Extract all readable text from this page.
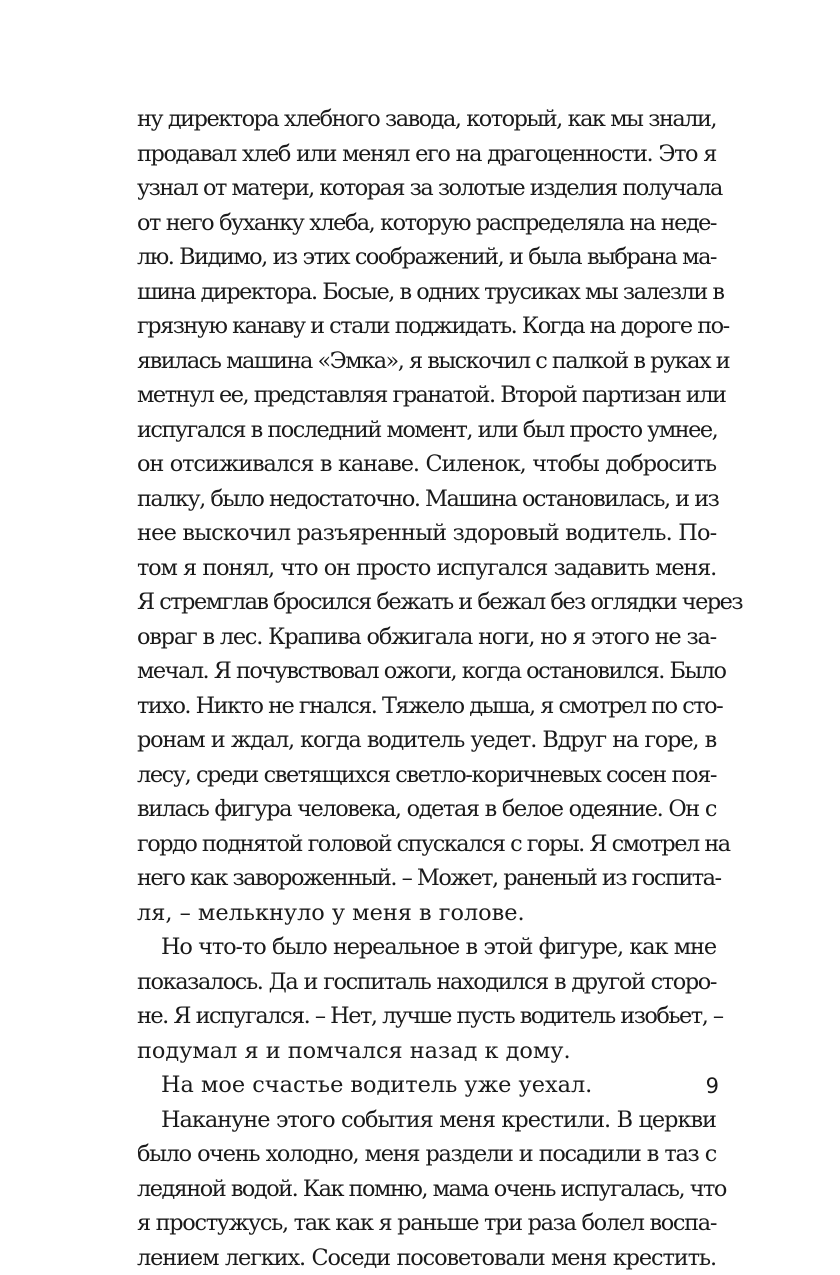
ну директора хлебного завода, который, как мы знали,
продавал хлеб или менял его на драгоценности. Это я
узнал от матери, которая за золотые изделия получала
от него буханку хлеба, которую распределяла на неде-
лю. Видимо, из этих соображений, и была выбрана ма-
шина директора. Босые, в одних трусиках мы залезли в
грязную канаву и стали поджидать. Когда на дороге по-
явилась машина «Эмка», я выскочил с палкой в руках и
метнул ее, представляя гранатой. Второй партизан или
испугался в последний момент, или был просто умнее,
он отсиживался в канаве. Силенок, чтобы добросить
палку, было недостаточно. Машина остановилась, и из
нее выскочил разъяренный здоровый водитель. По-
том я понял, что он просто испугался задавить меня.
Я стремглав бросился бежать и бежал без оглядки через
овраг в лес. Крапива обжигала ноги, но я этого не за-
мечал. Я почувствовал ожоги, когда остановился. Было
тихо. Никто не гнался. Тяжело дыша, я смотрел по сто-
ронам и ждал, когда водитель уедет. Вдруг на горе, в
лесу, среди светящихся светло-коричневых сосен поя-
вилась фигура человека, одетая в белое одеяние. Он с
гордо поднятой головой спускался с горы. Я смотрел на
него как завороженный. – Может, раненый из госпита-
ля, – мелькнуло у меня в голове.
Но что-то было нереальное в этой фигуре, как мне
показалось. Да и госпиталь находился в другой сторо-
не. Я испугался. – Нет, лучше пусть водитель изобьет, –
подумал я и помчался назад к дому.
На мое счастье водитель уже уехал.
Накануне этого события меня крестили. В церкви
было очень холодно, меня раздели и посадили в таз с
ледяной водой. Как помню, мама очень испугалась, что
я простужусь, так как я раньше три раза болел воспа-
лением легких. Соседи посоветовали меня крестить.
9
